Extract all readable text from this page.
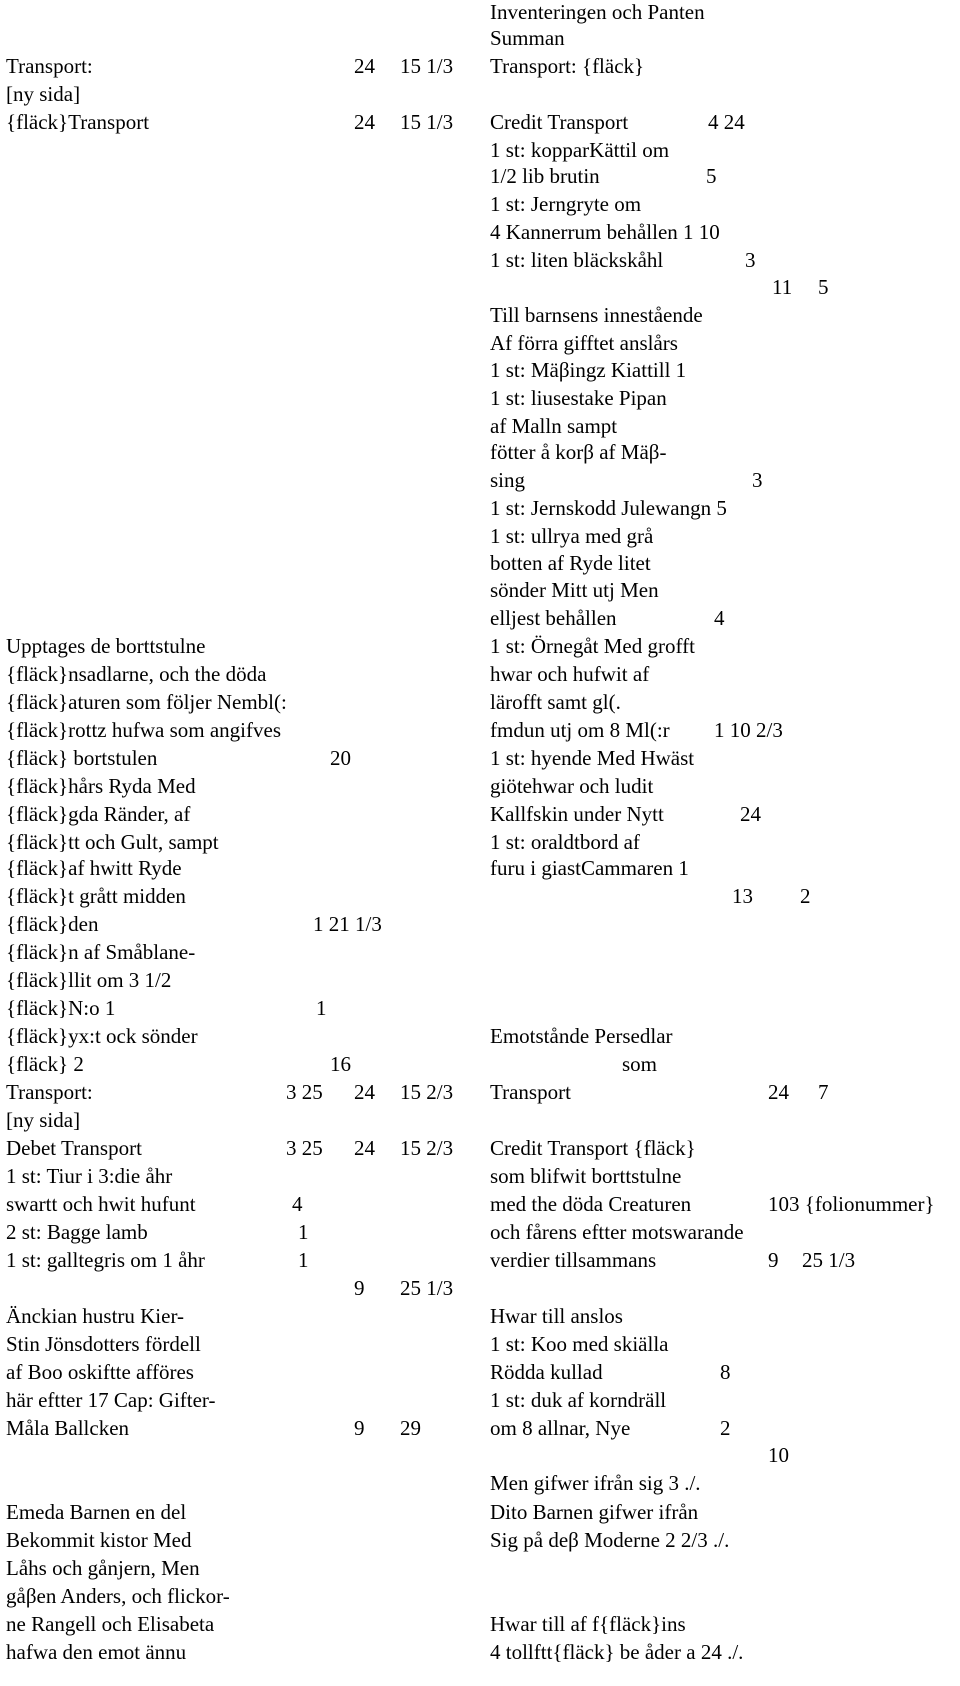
Inventeringen och Panten
Summan
Transport:	24 15 1/3 Transport: {fläck}
[ny sida]
{fläck}Transport	24 15 1/3 Credit Transport	4 24
1 st: kopparKättil om
1/2 lib brutin	5
1 st: Jerngryte om
4 Kannerrum behållen 1 10
1 st: liten bläckskåhl	3
11 5
Till barnsens innestående
Af förra gifftet anslårs
1 st: Mäβingz Kiattill 1
1 st: liusestake Pipan
af Malln sampt
fötter å korβ af Mäβ-
sing	3
1 st: Jernskodd Julewangn 5
1 st: ullrya med grå
botten af Ryde litet
sönder Mitt utj Men
elljest behållen	4
Upptages de borttstulne	1 st: Örnegåt Med grofft
{fläck}nsadlarne, och the döda	hwar och hufwit af
{fläck}aturen som följer Nembl(:	lärofft samt gl(.
{fläck}rottz hufwa som angifves	fmdun utj om 8 Ml(:r 1 10 2/3
{fläck} bortstulen	20	1 st: hyende Med Hwäst
{fläck}hårs Ryda Med	giötehwar och ludit
{fläck}gda Ränder, af	Kallfskin under Nytt	24
{fläck}tt och Gult, sampt	1 st: oraldtbord af
{fläck}af hwitt Ryde	furu i giastCammaren 1
{fläck}t grått midden	13 2
{fläck}den	1 21 1/3
{fläck}n af Småblane-
{fläck}llit om 3 1/2
{fläck}N:o 1	1
{fläck}yx:t ock sönder	Emotstånde Persedlar
{fläck} 2	16	som
Transport:	3 25 24 15 2/3 Transport	24 7
[ny sida]
Debet Transport	3 25 24 15 2/3 Credit Transport {fläck}
1 st: Tiur i 3:die åhr	som blifwit borttstulne
swartt och hwit hufunt	4	med the döda Creaturen	103 {folionummer}
2 st: Bagge lamb	1	och fårens eftter motswarande
1 st: galltegris om 1 åhr	1	verdier tillsammans	9 25 1/3
9 25 1/3
Änckian hustru Kier-	Hwar till anslos
Stin Jönsdotters fördell	1 st: Koo med skiälla
af Boo oskiftte afföres	Rödda kullad	8
här eftter 17 Cap: Gifter-	1 st: duk af korndräll
Måla Ballcken	9 29	om 8 allnar, Nye	2
10
Men gifwer ifrån sig 3 ./.
Emeda Barnen en del	Dito Barnen gifwer ifrån
Bekommit kistor Med	Sig på deβ Moderne 2 2/3 ./.
Låhs och gånjern, Men
gåβen Anders, och flickor-
ne Rangell och Elisabeta	Hwar till af f{fläck}ins
hafwa den emot ännu	4 tollftt{fläck} be åder a 24 ./.
